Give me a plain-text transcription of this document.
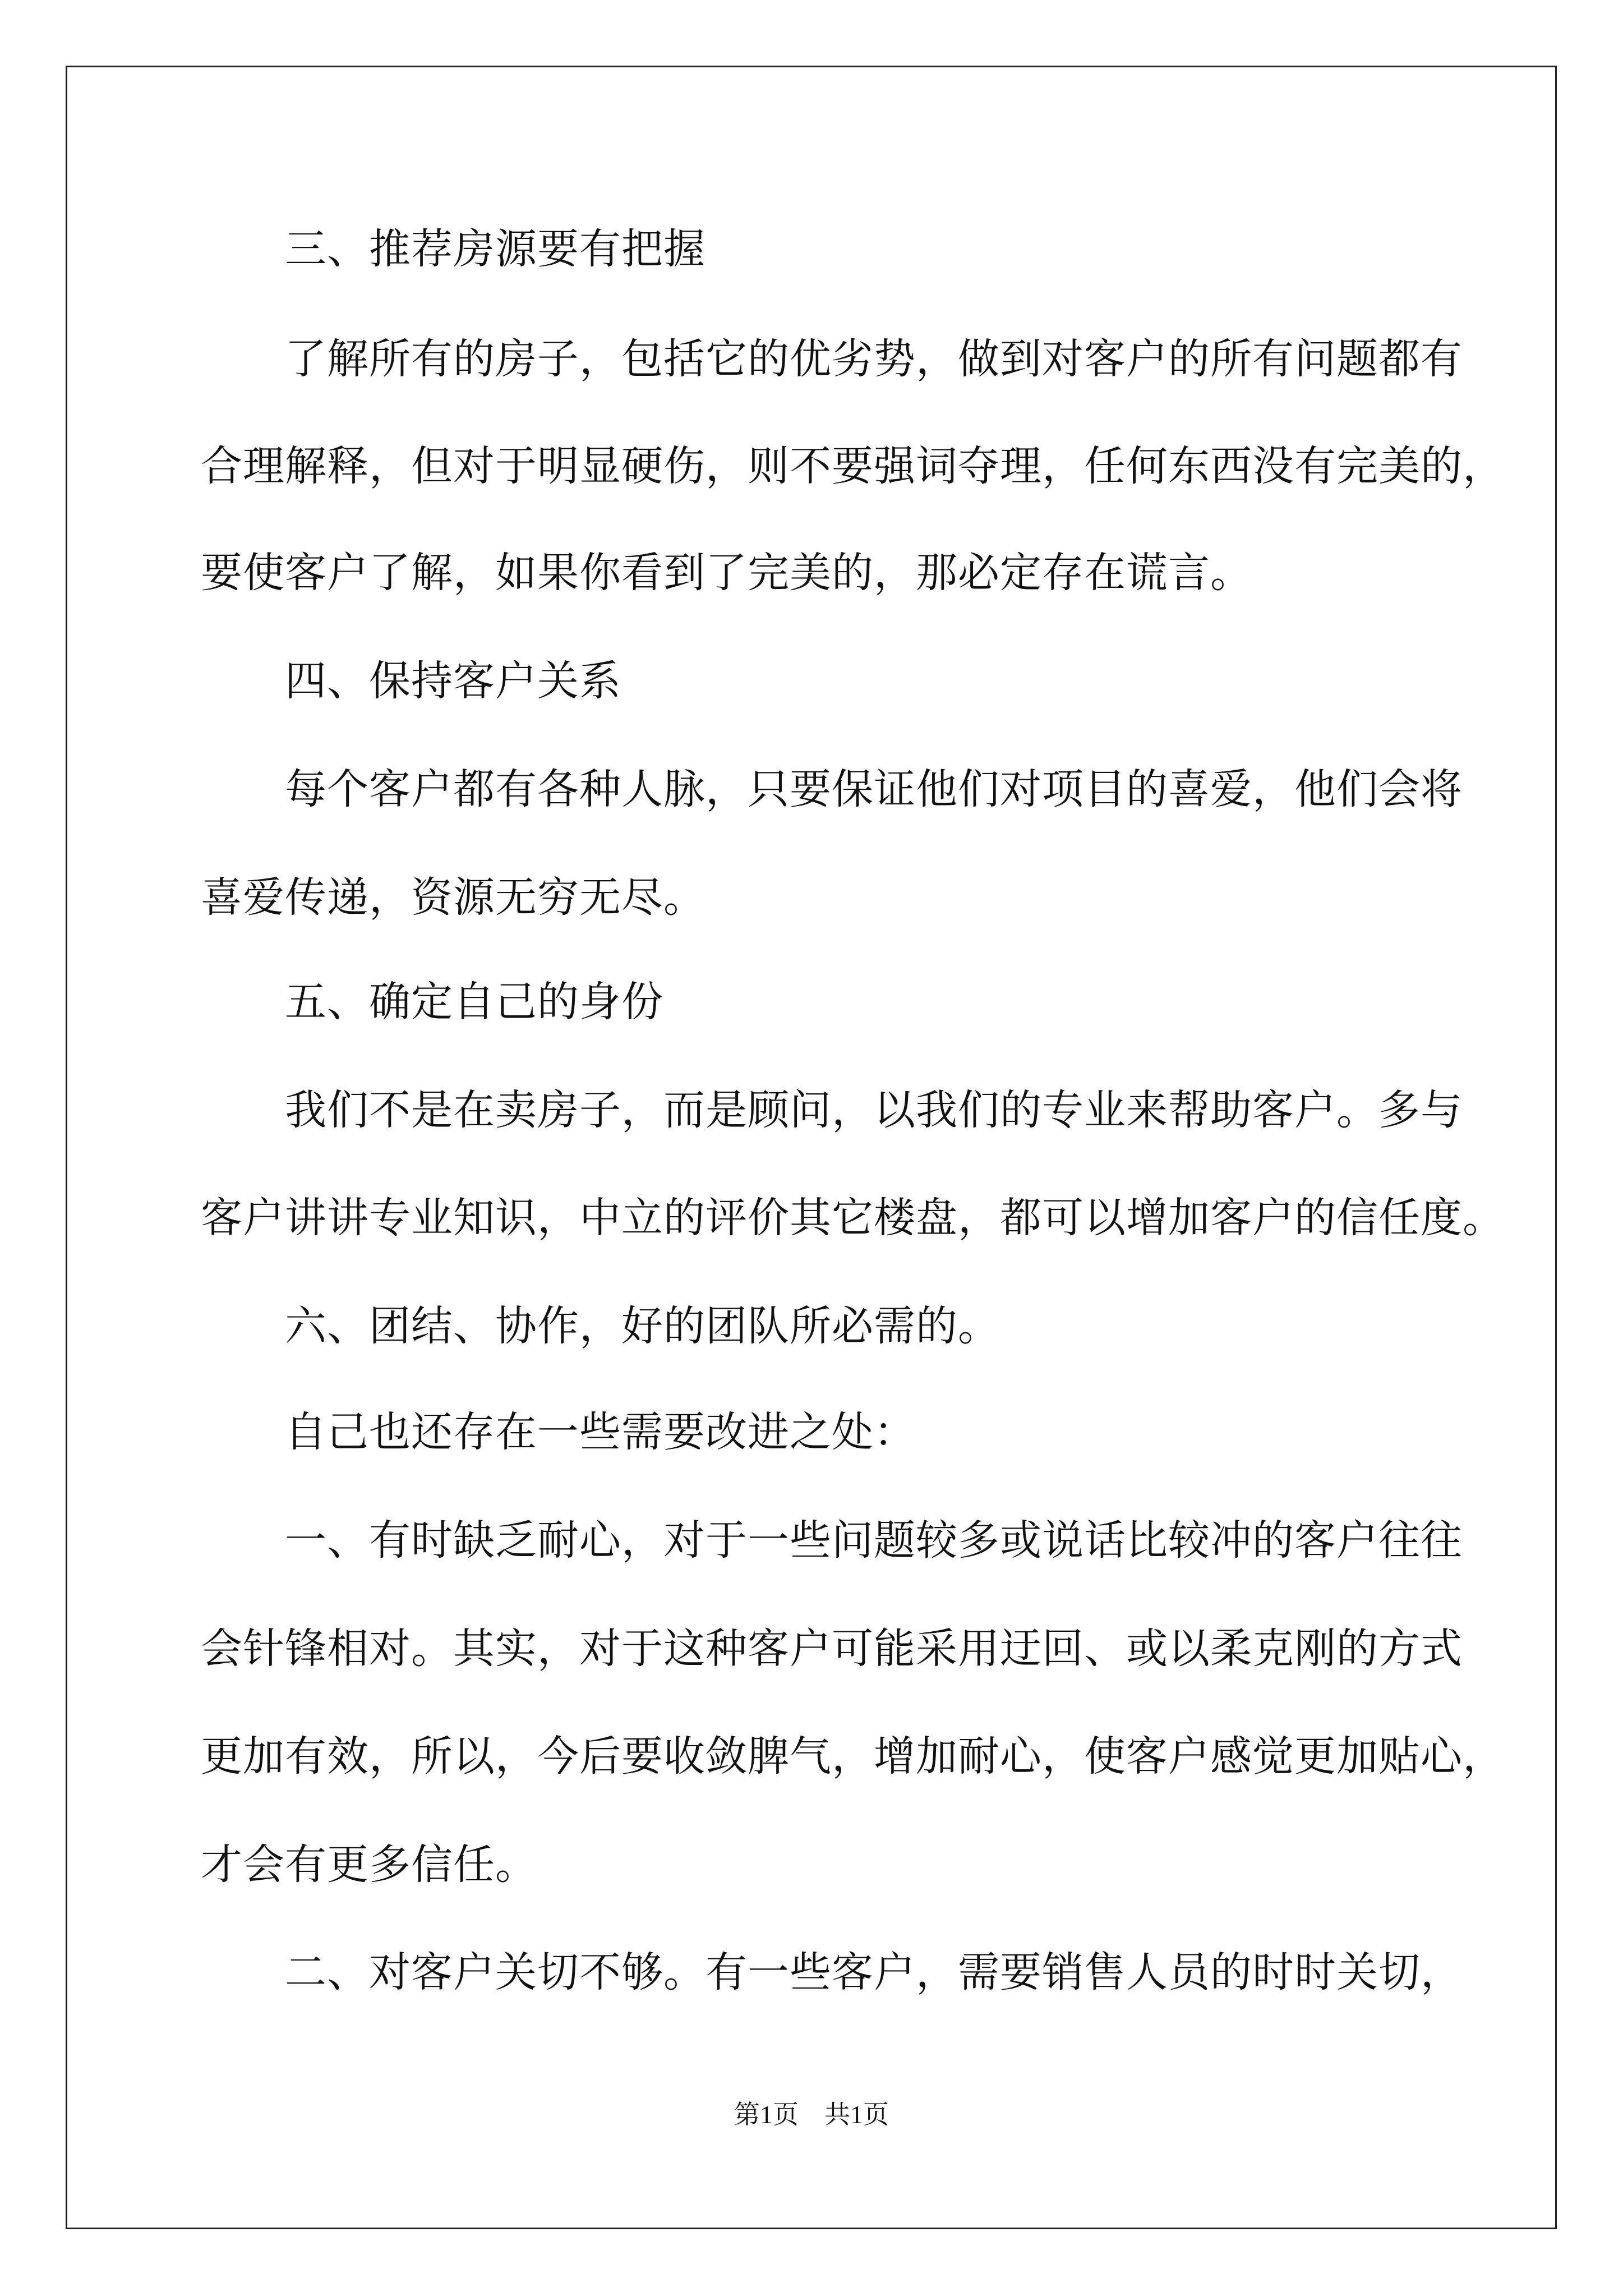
三、推荐房源要有把握

了解所有的房子，包括它的优劣势，做到对客户的所有问题都有

合理解释，但对于明显硬伤，则不要强词夺理，任何东西没有完美的，

要使客户了解，如果你看到了完美的，那必定存在谎言。

四、保持客户关系

每个客户都有各种人脉，只要保证他们对项目的喜爱，他们会将

喜爱传递，资源无穷无尽。

五、确定自己的身份

我们不是在卖房子，而是顾问，以我们的专业来帮助客户。多与

客户讲讲专业知识，中立的评价其它楼盘，都可以增加客户的信任度。

六、团结、协作，好的团队所必需的。

自己也还存在一些需要改进之处：

一、有时缺乏耐心，对于一些问题较多或说话比较冲的客户往往

会针锋相对。其实，对于这种客户可能采用迂回、或以柔克刚的方式

更加有效，所以，今后要收敛脾气，增加耐心，使客户感觉更加贴心，

才会有更多信任。

二、对客户关切不够。有一些客户，需要销售人员的时时关切，

第1页 共1页
